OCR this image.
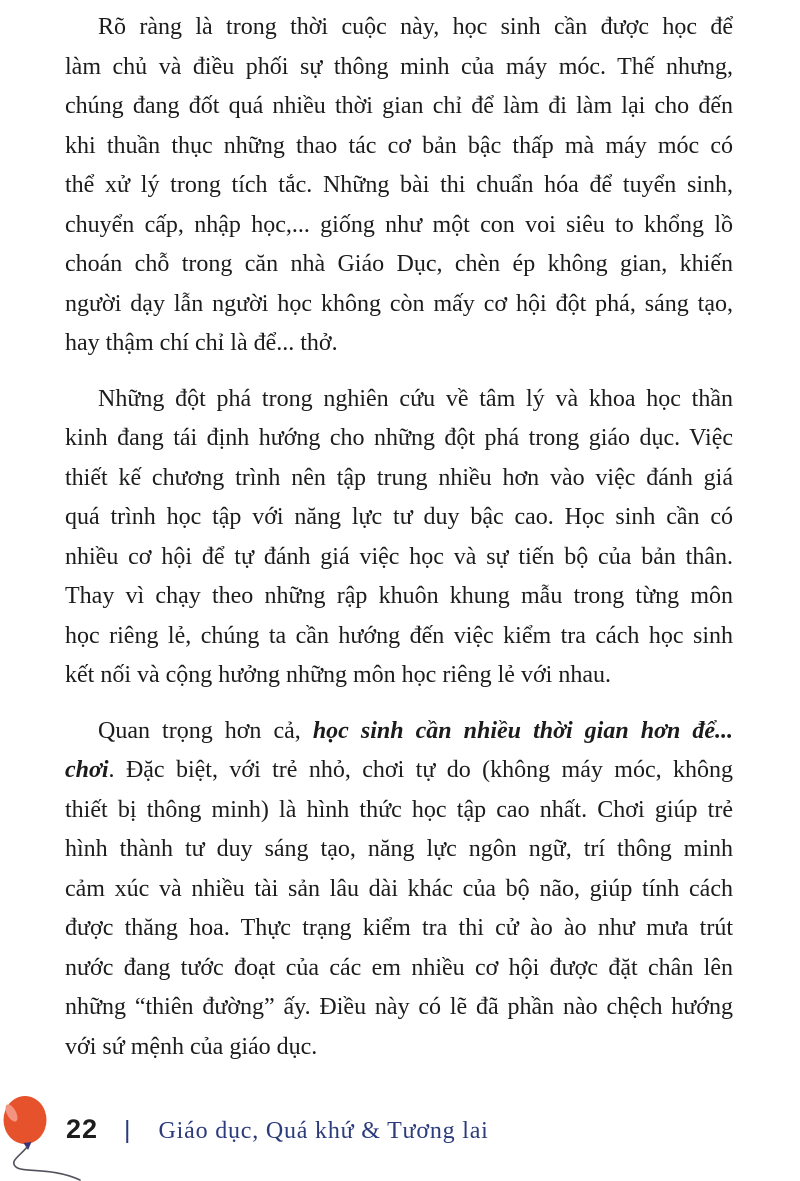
Rõ ràng là trong thời cuộc này, học sinh cần được học để
làm chủ và điều phối sự thông minh của máy móc. Thế nhưng,
chúng đang đốt quá nhiều thời gian chỉ để làm đi làm lại cho đến
khi thuần thục những thao tác cơ bản bậc thấp mà máy móc có
thể xử lý trong tích tắc. Những bài thi chuẩn hóa để tuyển sinh,
chuyển cấp, nhập học,... giống như một con voi siêu to khổng lồ
choán chỗ trong căn nhà Giáo Dục, chèn ép không gian, khiến
người dạy lẫn người học không còn mấy cơ hội đột phá, sáng tạo,
hay thậm chí chỉ là để... thở.
Những đột phá trong nghiên cứu về tâm lý và khoa học thần
kinh đang tái định hướng cho những đột phá trong giáo dục. Việc
thiết kế chương trình nên tập trung nhiều hơn vào việc đánh giá
quá trình học tập với năng lực tư duy bậc cao. Học sinh cần có
nhiều cơ hội để tự đánh giá việc học và sự tiến bộ của bản thân.
Thay vì chạy theo những rập khuôn khung mẫu trong từng môn
học riêng lẻ, chúng ta cần hướng đến việc kiểm tra cách học sinh
kết nối và cộng hưởng những môn học riêng lẻ với nhau.
Quan trọng hơn cả, học sinh cần nhiều thời gian hơn để...
chơi. Đặc biệt, với trẻ nhỏ, chơi tự do (không máy móc, không
thiết bị thông minh) là hình thức học tập cao nhất. Chơi giúp trẻ
hình thành tư duy sáng tạo, năng lực ngôn ngữ, trí thông minh
cảm xúc và nhiều tài sản lâu dài khác của bộ não, giúp tính cách
được thăng hoa. Thực trạng kiểm tra thi cử ào ào như mưa trút
nước đang tước đoạt của các em nhiều cơ hội được đặt chân lên
những “thiên đường” ấy. Điều này có lẽ đã phần nào chệch hướng
với sứ mệnh của giáo dục.
22 | Giáo dục, Quá khứ & Tương lai
